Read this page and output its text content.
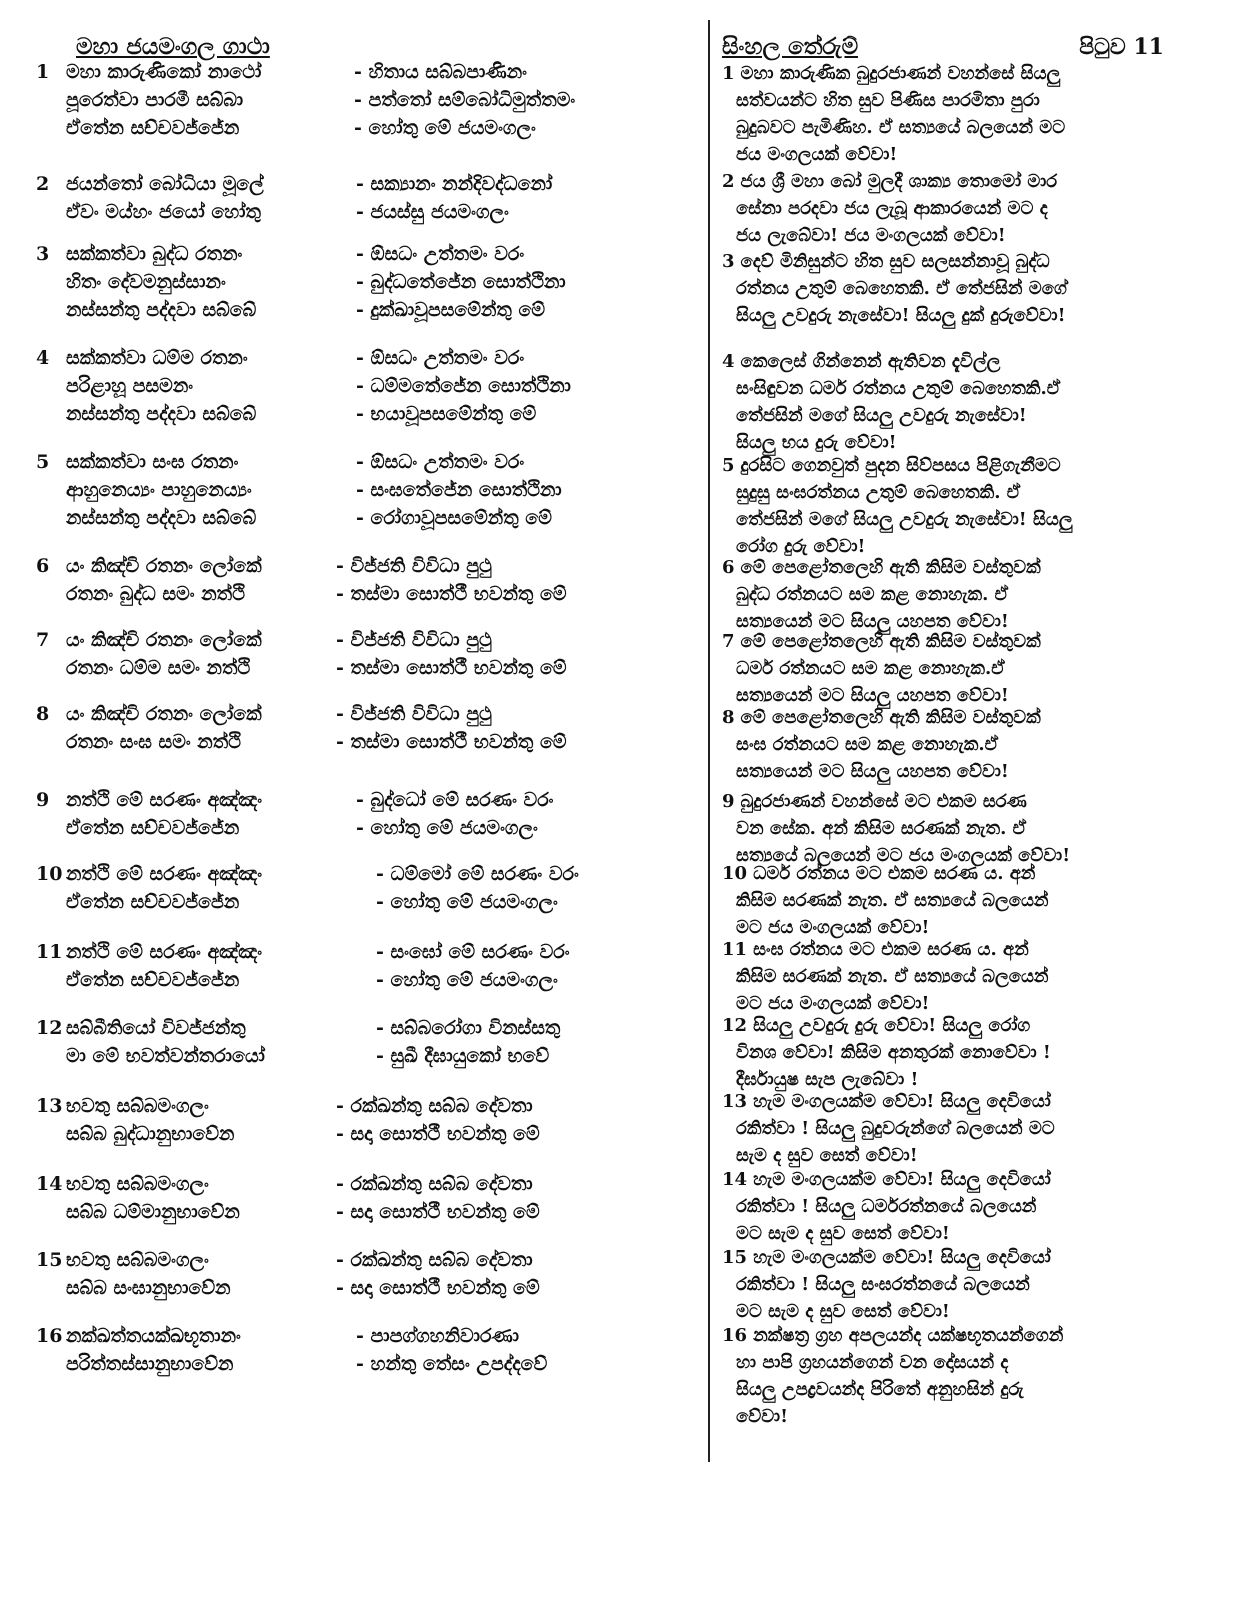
මහා ජයමංගල ගාථා
1 මහා කාරුණිකෝ නාථෝ	- හිතාය සබ්බපාණිනං
පූරෙත්වා පාරමී සබ්බා	- පත්තෝ සම්බෝධිමුත්තමං
ඒතේන සච්චවජ්ජේන	- හෝතු මේ ජයමංගලං
2 ජයන්තෝ බෝධියා මූලේ	- සක්‍යානං නන්දිවද්ධනෝ
ඒවං මය්හං ජයෝ හෝතු	- ජයස්සු ජයමංගලං
3 සක්කත්වා බුද්ධ රතනං	- ඕසධං උත්තමං වරං
හිතං දේවමනුස්සානං	- බුද්ධතේජේන සොත්ථිනා
නස්සන්තු පද්දවා සබ්බේ	- දුක්ඛාවූපසමේන්තු මේ
4 සක්කත්වා ධම්ම රතනං	- ඕසධං උත්තමං වරං
පරිළාහූ පසමනං	- ධම්මතේජේන සොත්ථිනා
නස්සන්තු පද්දවා සබ්බේ	- භයාවූපසමේන්තු මේ
5 සක්කත්වා සංඝ රතනං	- ඕසධං උත්තමං වරං
ආහුනෙය්‍යං පාහුනෙය්‍යං	- සංඝතේජේන සොත්ථිනා
නස්සන්තු පද්දවා සබ්බේ	- රෝගාවූපසමේන්තු මේ
6 යං කිඤ්චි රතනං ලෝකේ	- විජ්ජති විවිධා පුථු
රතනං බුද්ධ සමං නත්ථි	- තස්මා සොත්ථී භවන්තු මේ
7 යං කිඤ්චි රතනං ලෝකේ	- විජ්ජති විවිධා පුථු
රතනං ධම්ම සමං නත්ථි	- තස්මා සොත්ථී භවන්තු මේ
8 යං කිඤ්චි රතනං ලෝකේ	- විජ්ජති විවිධා පුථු
රතනං සංඝ සමං නත්ථි	- තස්මා සොත්ථී භවන්තු මේ
9 නත්ථි මේ සරණං අඤ්ඤං	- බුද්ධෝ මේ සරණං වරං
ඒතේන සච්චවජ්ජේන	- හෝතු මේ ජයමංගලං
10 නත්ථි මේ සරණං අඤ්ඤං	- ධම්මෝ මේ සරණං වරං
ඒතේන සච්චවජ්ජේන	- හෝතු මේ ජයමංගලං
11 නත්ථි මේ සරණං අඤ්ඤං	- සංඝෝ මේ සරණං වරං
ඒතේන සච්චවජ්ජේන	- හෝතු මේ ජයමංගලං
12 සබ්බීතියෝ විවජ්ජන්තු	- සබ්බරෝගා විනස්සතු
මා මේ භවත්වන්තරායෝ	- සුඛී දීඝායුකෝ භවේ
13 භවතු සබ්බමංගලං	- රක්ඛන්තු සබ්බ දේවතා
සබ්බ බුද්ධානුභාවේන	- සදා සොත්ථී භවන්තු මේ
14 භවතු සබ්බමංගලං	- රක්ඛන්තු සබ්බ දේවතා
සබ්බ ධම්මානුභාවේන	- සදා සොත්ථී භවන්තු මේ
15 භවතු සබ්බමංගලං	- රක්ඛන්තු සබ්බ දේවතා
සබ්බ සංඝානුභාවේන	- සදා සොත්ථී භවන්තු මේ
16 නක්ඛත්තයක්ඛභූතානං	- පාපග්ගහනිවාරණා
පරිත්තස්සානුභාවේන	- හන්තු තේසං උපද්දවේ
සිංහල තේරුම්	පිටුව 11
1 මහා කාරුණික බුදුරජාණන් වහන්සේ සියලු
සත්වයන්ට හිත සුව පිණිස පාරමිතා පුරා
බුදුබවට පැමිණිහ. ඒ සත්‍යයේ බලයෙන් මට
ජය මංගලයක් වේවා!
2 ජය ශ්‍රී මහා බෝ මුලදී ශාක්‍ය තොමෝ මාර
සේනා පරදවා ජය ලැබූ ආකාරයෙන් මට ද
ජය ලැබේවා! ජය මංගලයක් වේවා!
3 දෙව් මිනිසුන්ට හිත සුව සලසන්නාවූ බුද්ධ
රත්නය උතුම් බෙහෙතකි. ඒ තේජසින් මගේ
සියලු උවදුරු නැසේවා! සියලු දුක් දුරුවේවා!
4 කෙලෙස් ගින්නෙන් ඇතිවන දැවිල්ල
සංසිඳුවන ධර්ම රත්නය උතුම් බෙහෙතකි.ඒ
තේජසින් මගේ සියලු උවදුරු නැසේවා!
සියලු භය දුරු වේවා!
5 දුරසිට ගෙනවුත් පුදන සිව්පසය පිළිගැනීමට
සුදුසු සංඝරත්නය උතුම් බෙහෙතකි. ඒ
තේජසින් මගේ සියලු උවදුරු නැසේවා! සියලු
රෝග දුරු වේවා!
6 මේ පෙළෝතලෙහි ඇති කිසිම වස්තුවක්
බුද්ධ රත්නයට සම කළ නොහැක. ඒ
සත්‍යයෙන් මට සියලු යහපත වේවා!
7 මේ පෙළෝතලෙහි ඇති කිසිම වස්තුවක්
ධර්ම රත්නයට සම කළ නොහැක.ඒ
සත්‍යයෙන් මට සියලු යහපත වේවා!
8 මේ පෙළෝතලෙහි ඇති කිසිම වස්තුවක්
සංඝ රත්නයට සම කළ නොහැක.ඒ
සත්‍යයෙන් මට සියලු යහපත වේවා!
9 බුදුරජාණන් වහන්සේ මට එකම සරණ
වන සේක. අන් කිසිම සරණක් නැත. ඒ
සත්‍යයේ බලයෙන් මට ජය මංගලයක් වේවා!
10 ධර්ම රත්නය මට එකම සරණ ය. අන්
කිසිම සරණක් නැත. ඒ සත්‍යයේ බලයෙන්
මට ජය මංගලයක් වේවා!
11 සංඝ රත්නය මට එකම සරණ ය. අන්
කිසිම සරණක් නැත. ඒ සත්‍යයේ බලයෙන්
මට ජය මංගලයක් වේවා!
12 සියලු උවදුරු දුරු වේවා! සියලු රෝග
විනශ වේවා! කිසිම අනතුරක් නොවේවා !
දීර්ඝායුෂ සැප ලැබේවා !
13 හැම මංගලයක්ම වේවා! සියලු දෙවියෝ
රකිත්වා ! සියලු බුදුවරුන්ගේ බලයෙන් මට
සැම ද සුව සෙත් වේවා!
14 හැම මංගලයක්ම වේවා! සියලු දෙවියෝ
රකිත්වා ! සියලු ධර්මරත්නයේ බලයෙන්
මට සැම ද සුව සෙත් වේවා!
15 හැම මංගලයක්ම වේවා! සියලු දෙවියෝ
රකිත්වා ! සියලු සංඝරත්නයේ බලයෙන්
මට සැම ද සුව සෙත් වේවා!
16 නක්ෂත්‍ර ග්‍රහ අපලයන්ද යක්ෂභූතයන්ගෙන්
හා පාපි ග්‍රහයන්ගෙන් වන දෝසයන් ද
සියලු උපද්‍රවයන්ද පිරිතේ අනුහසින් දුරු
වේවා!
